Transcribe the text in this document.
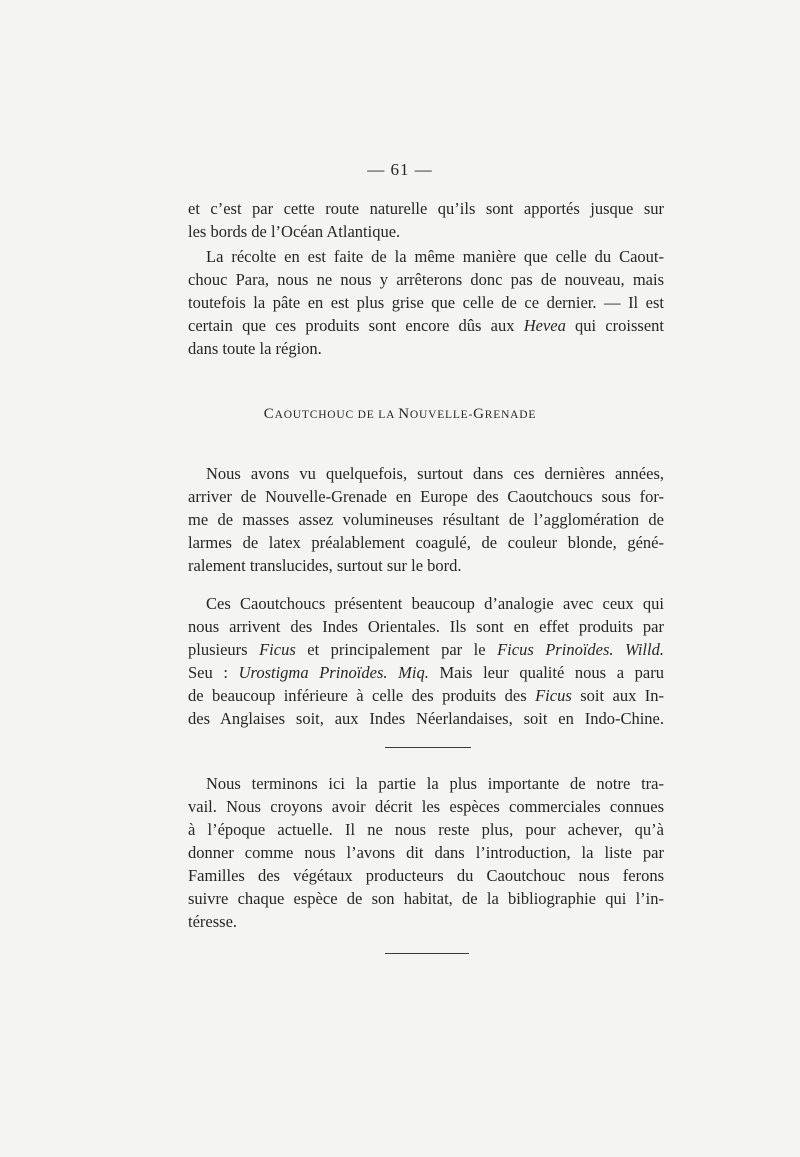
— 61 —
et c’est par cette route naturelle qu’ils sont apportés jusque sur
les bords de l’Océan Atlantique.
La récolte en est faite de la même manière que celle du Caout-
chouc Para, nous ne nous y arrêterons donc pas de nouveau, mais
toutefois la pâte en est plus grise que celle de ce dernier. — Il est
certain que ces produits sont encore dûs aux Hevea qui croissent
dans toute la région.
CAOUTCHOUC DE LA NOUVELLE-GRENADE
Nous avons vu quelquefois, surtout dans ces dernières années,
arriver de Nouvelle-Grenade en Europe des Caoutchoucs sous for-
me de masses assez volumineuses résultant de l’agglomération de
larmes de latex préalablement coagulé, de couleur blonde, géné-
ralement translucides, surtout sur le bord.
Ces Caoutchoucs présentent beaucoup d’analogie avec ceux qui
nous arrivent des Indes Orientales. Ils sont en effet produits par
plusieurs Ficus et principalement par le Ficus Prinoïdes. Willd.
Seu : Urostigma Prinoïdes. Miq. Mais leur qualité nous a paru
de beaucoup inférieure à celle des produits des Ficus soit aux In-
des Anglaises soit, aux Indes Néerlandaises, soit en Indo-Chine.
Nous terminons ici la partie la plus importante de notre tra-
vail. Nous croyons avoir décrit les espèces commerciales connues
à l’époque actuelle. Il ne nous reste plus, pour achever, qu’à
donner comme nous l’avons dit dans l’introduction, la liste par
Familles des végétaux producteurs du Caoutchouc nous ferons
suivre chaque espèce de son habitat, de la bibliographie qui l’in-
téresse.
